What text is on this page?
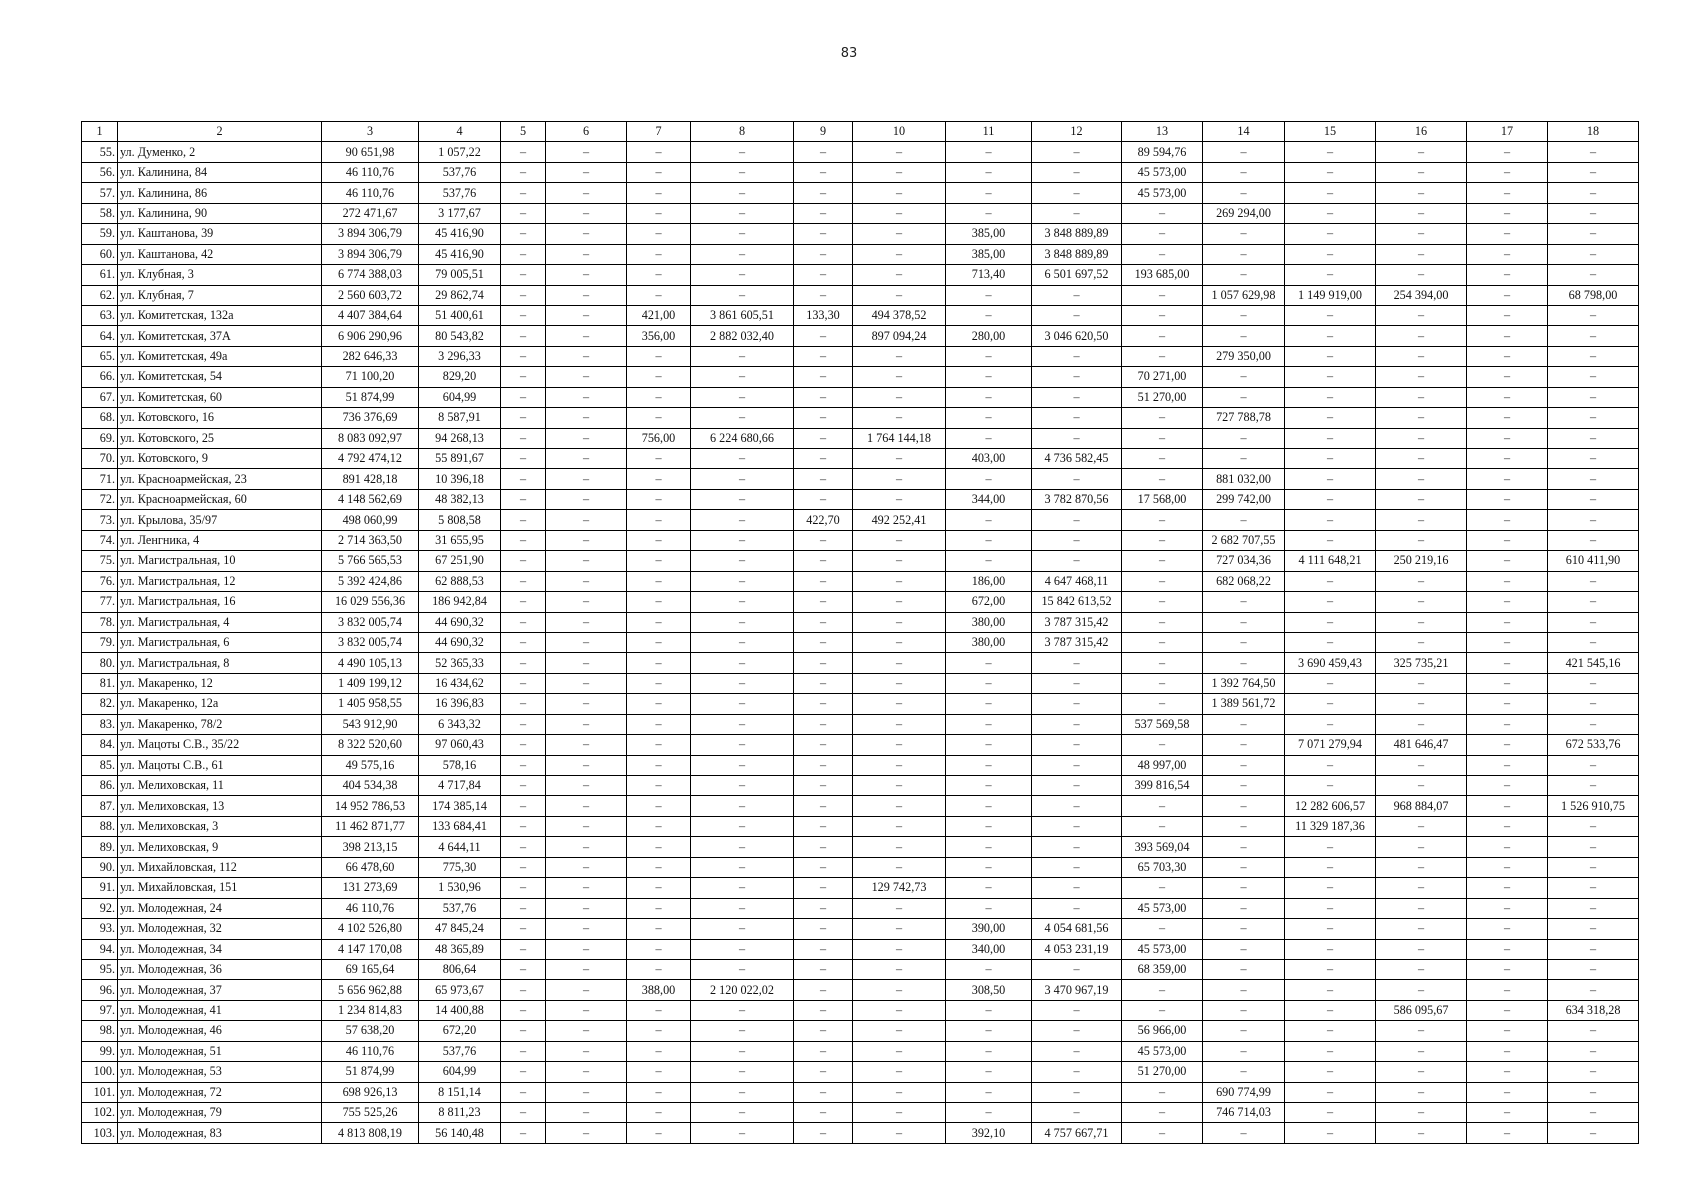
83
1	2	3	4	5	6	7	8	9	10	11	12	13	14	15	16	17	18
55.	ул. Думенко, 2	90 651,98	1 057,22	–	–	–	–	–	–	–	–	89 594,76	–	–	–	–	–
56.	ул. Калинина, 84	46 110,76	537,76	–	–	–	–	–	–	–	–	45 573,00	–	–	–	–	–
57.	ул. Калинина, 86	46 110,76	537,76	–	–	–	–	–	–	–	–	45 573,00	–	–	–	–	–
58.	ул. Калинина, 90	272 471,67	3 177,67	–	–	–	–	–	–	–	–	–	269 294,00	–	–	–	–
59.	ул. Каштанова, 39	3 894 306,79	45 416,90	–	–	–	–	–	–	385,00	3 848 889,89	–	–	–	–	–	–
60.	ул. Каштанова, 42	3 894 306,79	45 416,90	–	–	–	–	–	–	385,00	3 848 889,89	–	–	–	–	–	–
61.	ул. Клубная, 3	6 774 388,03	79 005,51	–	–	–	–	–	–	713,40	6 501 697,52	193 685,00	–	–	–	–	–
62.	ул. Клубная, 7	2 560 603,72	29 862,74	–	–	–	–	–	–	–	–	–	1 057 629,98	1 149 919,00	254 394,00	–	68 798,00
63.	ул. Комитетская, 132а	4 407 384,64	51 400,61	–	–	421,00	3 861 605,51	133,30	494 378,52	–	–	–	–	–	–	–	–
64.	ул. Комитетская, 37А	6 906 290,96	80 543,82	–	–	356,00	2 882 032,40	–	897 094,24	280,00	3 046 620,50	–	–	–	–	–	–
65.	ул. Комитетская, 49а	282 646,33	3 296,33	–	–	–	–	–	–	–	–	–	279 350,00	–	–	–	–
66.	ул. Комитетская, 54	71 100,20	829,20	–	–	–	–	–	–	–	–	70 271,00	–	–	–	–	–
67.	ул. Комитетская, 60	51 874,99	604,99	–	–	–	–	–	–	–	–	51 270,00	–	–	–	–	–
68.	ул. Котовского, 16	736 376,69	8 587,91	–	–	–	–	–	–	–	–	–	727 788,78	–	–	–	–
69.	ул. Котовского, 25	8 083 092,97	94 268,13	–	–	756,00	6 224 680,66	–	1 764 144,18	–	–	–	–	–	–	–	–
70.	ул. Котовского, 9	4 792 474,12	55 891,67	–	–	–	–	–	–	403,00	4 736 582,45	–	–	–	–	–	–
71.	ул. Красноармейская, 23	891 428,18	10 396,18	–	–	–	–	–	–	–	–	–	881 032,00	–	–	–	–
72.	ул. Красноармейская, 60	4 148 562,69	48 382,13	–	–	–	–	–	–	344,00	3 782 870,56	17 568,00	299 742,00	–	–	–	–
73.	ул. Крылова, 35/97	498 060,99	5 808,58	–	–	–	–	422,70	492 252,41	–	–	–	–	–	–	–	–
74.	ул. Ленгника, 4	2 714 363,50	31 655,95	–	–	–	–	–	–	–	–	–	2 682 707,55	–	–	–	–
75.	ул. Магистральная, 10	5 766 565,53	67 251,90	–	–	–	–	–	–	–	–	–	727 034,36	4 111 648,21	250 219,16	–	610 411,90
76.	ул. Магистральная, 12	5 392 424,86	62 888,53	–	–	–	–	–	–	186,00	4 647 468,11	–	682 068,22	–	–	–	–
77.	ул. Магистральная, 16	16 029 556,36	186 942,84	–	–	–	–	–	–	672,00	15 842 613,52	–	–	–	–	–	–
78.	ул. Магистральная, 4	3 832 005,74	44 690,32	–	–	–	–	–	–	380,00	3 787 315,42	–	–	–	–	–	–
79.	ул. Магистральная, 6	3 832 005,74	44 690,32	–	–	–	–	–	–	380,00	3 787 315,42	–	–	–	–	–	–
80.	ул. Магистральная, 8	4 490 105,13	52 365,33	–	–	–	–	–	–	–	–	–	–	3 690 459,43	325 735,21	–	421 545,16
81.	ул. Макаренко, 12	1 409 199,12	16 434,62	–	–	–	–	–	–	–	–	–	1 392 764,50	–	–	–	–
82.	ул. Макаренко, 12а	1 405 958,55	16 396,83	–	–	–	–	–	–	–	–	–	1 389 561,72	–	–	–	–
83.	ул. Макаренко, 78/2	543 912,90	6 343,32	–	–	–	–	–	–	–	–	537 569,58	–	–	–	–	–
84.	ул. Мацоты С.В., 35/22	8 322 520,60	97 060,43	–	–	–	–	–	–	–	–	–	–	7 071 279,94	481 646,47	–	672 533,76
85.	ул. Мацоты С.В., 61	49 575,16	578,16	–	–	–	–	–	–	–	–	48 997,00	–	–	–	–	–
86.	ул. Мелиховская, 11	404 534,38	4 717,84	–	–	–	–	–	–	–	–	399 816,54	–	–	–	–	–
87.	ул. Мелиховская, 13	14 952 786,53	174 385,14	–	–	–	–	–	–	–	–	–	–	12 282 606,57	968 884,07	–	1 526 910,75
88.	ул. Мелиховская, 3	11 462 871,77	133 684,41	–	–	–	–	–	–	–	–	–	–	11 329 187,36	–	–	–
89.	ул. Мелиховская, 9	398 213,15	4 644,11	–	–	–	–	–	–	–	–	393 569,04	–	–	–	–	–
90.	ул. Михайловская, 112	66 478,60	775,30	–	–	–	–	–	–	–	–	65 703,30	–	–	–	–	–
91.	ул. Михайловская, 151	131 273,69	1 530,96	–	–	–	–	–	129 742,73	–	–	–	–	–	–	–	–
92.	ул. Молодежная, 24	46 110,76	537,76	–	–	–	–	–	–	–	–	45 573,00	–	–	–	–	–
93.	ул. Молодежная, 32	4 102 526,80	47 845,24	–	–	–	–	–	–	390,00	4 054 681,56	–	–	–	–	–	–
94.	ул. Молодежная, 34	4 147 170,08	48 365,89	–	–	–	–	–	–	340,00	4 053 231,19	45 573,00	–	–	–	–	–
95.	ул. Молодежная, 36	69 165,64	806,64	–	–	–	–	–	–	–	–	68 359,00	–	–	–	–	–
96.	ул. Молодежная, 37	5 656 962,88	65 973,67	–	–	388,00	2 120 022,02	–	–	308,50	3 470 967,19	–	–	–	–	–	–
97.	ул. Молодежная, 41	1 234 814,83	14 400,88	–	–	–	–	–	–	–	–	–	–	–	586 095,67	–	634 318,28
98.	ул. Молодежная, 46	57 638,20	672,20	–	–	–	–	–	–	–	–	56 966,00	–	–	–	–	–
99.	ул. Молодежная, 51	46 110,76	537,76	–	–	–	–	–	–	–	–	45 573,00	–	–	–	–	–
100.	ул. Молодежная, 53	51 874,99	604,99	–	–	–	–	–	–	–	–	51 270,00	–	–	–	–	–
101.	ул. Молодежная, 72	698 926,13	8 151,14	–	–	–	–	–	–	–	–	–	690 774,99	–	–	–	–
102.	ул. Молодежная, 79	755 525,26	8 811,23	–	–	–	–	–	–	–	–	–	746 714,03	–	–	–	–
103.	ул. Молодежная, 83	4 813 808,19	56 140,48	–	–	–	–	–	–	392,10	4 757 667,71	–	–	–	–	–	–
